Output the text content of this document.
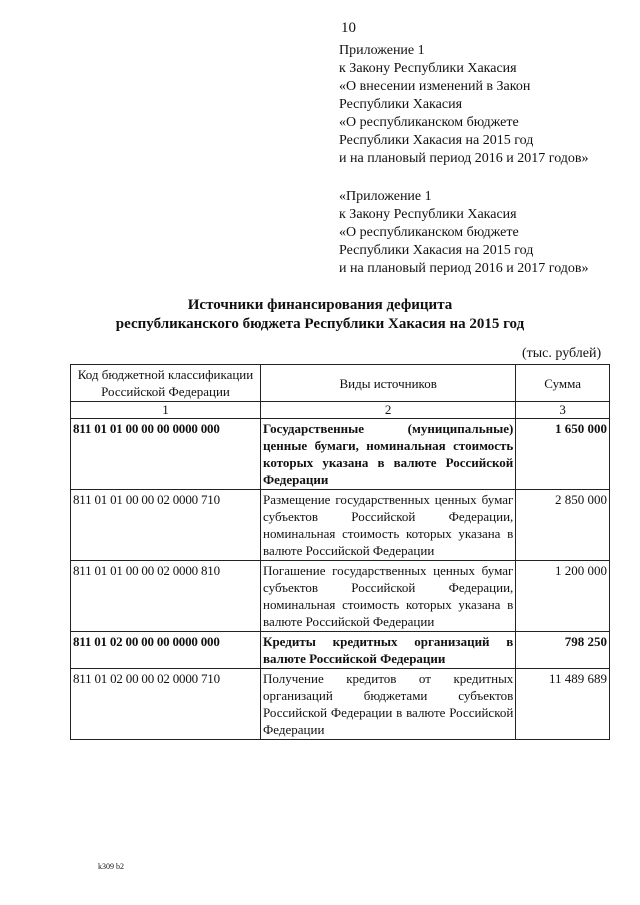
10
Приложение 1
к Закону Республики Хакасия
«О внесении изменений в Закон
Республики Хакасия
«О республиканском бюджете
Республики Хакасия на 2015 год
и на плановый период 2016 и 2017 годов»
«Приложение 1
к Закону Республики Хакасия
«О республиканском бюджете
Республики Хакасия на 2015 год
и на плановый период 2016 и 2017 годов»
Источники финансирования дефицита
республиканского бюджета Республики Хакасия на 2015 год
(тыс. рублей)
Код бюджетной классификации Российской Федерации	Виды источников	Сумма
1	2	3
811 01 01 00 00 00 0000 000	Государственные (муниципальные) ценные бумаги, номинальная стоимость которых указана в валюте Российской Федерации	1 650 000
811 01 01 00 00 02 0000 710	Размещение государственных ценных бумаг субъектов Российской Федерации, номинальная стоимость которых указана в валюте Российской Федерации	2 850 000
811 01 01 00 00 02 0000 810	Погашение государственных ценных бумаг субъектов Российской Федерации, номинальная стоимость которых указана в валюте Российской Федерации	1 200 000
811 01 02 00 00 00 0000 000	Кредиты кредитных организаций в валюте Российской Федерации	798 250
811 01 02 00 00 02 0000 710	Получение кредитов от кредитных организаций бюджетами субъектов Российской Федерации в валюте Российской Федерации	11 489 689
k309 b2
